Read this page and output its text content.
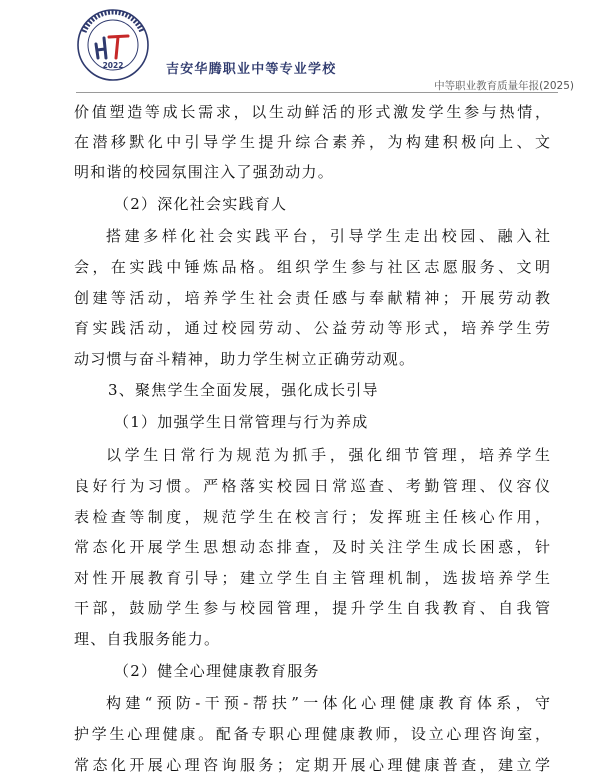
2022	吉安华腾职业中等专业学校
中等职业教育质量年报(2025)
价值塑造等成长需求，以生动鲜活的形式激发学生参与热情，
在潜移默化中引导学生提升综合素养，为构建积极向上、文
明和谐的校园氛围注入了强劲动力。
（2）深化社会实践育人
搭建多样化社会实践平台，引导学生走出校园、融入社
会，在实践中锤炼品格。组织学生参与社区志愿服务、文明
创建等活动，培养学生社会责任感与奉献精神；开展劳动教
育实践活动，通过校园劳动、公益劳动等形式，培养学生劳
动习惯与奋斗精神，助力学生树立正确劳动观。
3、聚焦学生全面发展，强化成长引导
（1）加强学生日常管理与行为养成
以学生日常行为规范为抓手，强化细节管理，培养学生
良好行为习惯。严格落实校园日常巡查、考勤管理、仪容仪
表检查等制度，规范学生在校言行；发挥班主任核心作用，
常态化开展学生思想动态排查，及时关注学生成长困惑，针
对性开展教育引导；建立学生自主管理机制，选拔培养学生
干部，鼓励学生参与校园管理，提升学生自我教育、自我管
理、自我服务能力。
（2）健全心理健康教育服务
构建“预防-干预-帮扶”一体化心理健康教育体系，守
护学生心理健康。配备专职心理健康教师，设立心理咨询室，
常态化开展心理咨询服务；定期开展心理健康普查，建立学
